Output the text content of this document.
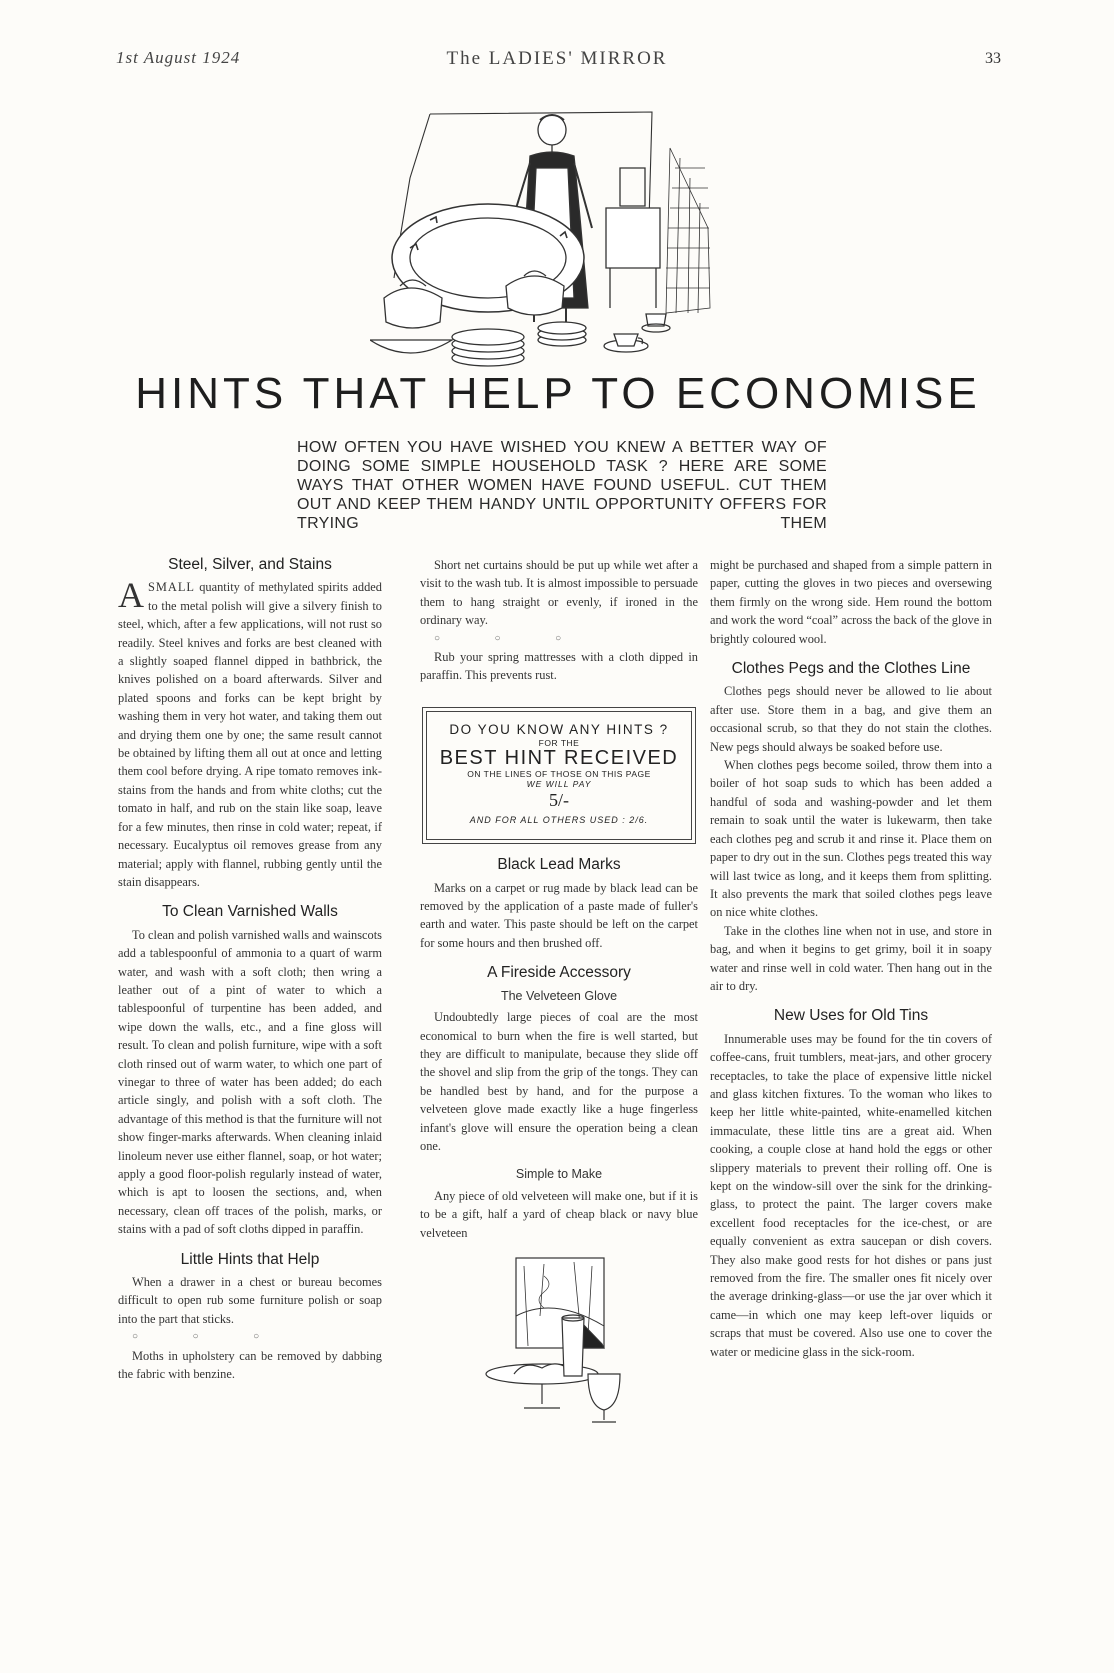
1st August 1924	The LADIES' MIRROR	33
HINTS THAT HELP TO ECONOMISE

HOW OFTEN YOU HAVE WISHED YOU KNEW A BETTER WAY OF DOING SOME SIMPLE HOUSEHOLD TASK ? HERE ARE SOME WAYS THAT OTHER WOMEN HAVE FOUND USEFUL. CUT THEM OUT AND KEEP THEM HANDY UNTIL OPPORTUNITY OFFERS FOR TRYING THEM

Steel, Silver, and Stains

ASMALL quantity of methylated spirits added to the metal polish will give a silvery finish to steel, which, after a few applications, will not rust so readily. Steel knives and forks are best cleaned with a slightly soaped flannel dipped in bathbrick, the knives polished on a board afterwards. Silver and plated spoons and forks can be kept bright by washing them in very hot water, and taking them out and drying them one by one; the same result cannot be obtained by lifting them all out at once and letting them cool before drying. A ripe tomato removes ink-stains from the hands and from white cloths; cut the tomato in half, and rub on the stain like soap, leave for a few minutes, then rinse in cold water; repeat, if necessary. Eucalyptus oil removes grease from any material; apply with flannel, rubbing gently until the stain disappears.

To Clean Varnished Walls

To clean and polish varnished walls and wainscots add a tablespoonful of ammonia to a quart of warm water, and wash with a soft cloth; then wring a leather out of a pint of water to which a tablespoonful of turpentine has been added, and wipe down the walls, etc., and a fine gloss will result. To clean and polish furniture, wipe with a soft cloth rinsed out of warm water, to which one part of vinegar to three of water has been added; do each article singly, and polish with a soft cloth. The advantage of this method is that the furniture will not show finger-marks afterwards. When cleaning inlaid linoleum never use either flannel, soap, or hot water; apply a good floor-polish regularly instead of water, which is apt to loosen the sections, and, when necessary, clean off traces of the polish, marks, or stains with a pad of soft cloths dipped in paraffin.

Little Hints that Help

When a drawer in a chest or bureau becomes difficult to open rub some furniture polish or soap into the part that sticks.

○ ○ ○

Moths in upholstery can be removed by dabbing the fabric with benzine.

Short net curtains should be put up while wet after a visit to the wash tub. It is almost impossible to persuade them to hang straight or evenly, if ironed in the ordinary way.

○ ○ ○

Rub your spring mattresses with a cloth dipped in paraffin. This prevents rust.

DO YOU KNOW ANY HINTS ?
FOR THE
BEST HINT RECEIVED
ON THE LINES OF THOSE ON THIS PAGE
WE WILL PAY
5/-
AND FOR ALL OTHERS USED : 2/6.
Black Lead Marks

Marks on a carpet or rug made by black lead can be removed by the application of a paste made of fuller's earth and water. This paste should be left on the carpet for some hours and then brushed off.

A Fireside Accessory
The Velveteen Glove

Undoubtedly large pieces of coal are the most economical to burn when the fire is well started, but they are difficult to manipulate, because they slide off the shovel and slip from the grip of the tongs. They can be handled best by hand, and for the purpose a velveteen glove made exactly like a huge fingerless infant's glove will ensure the operation being a clean one.

Simple to Make

Any piece of old velveteen will make one, but if it is to be a gift, half a yard of cheap black or navy blue velveteen

might be purchased and shaped from a simple pattern in paper, cutting the gloves in two pieces and oversewing them firmly on the wrong side. Hem round the bottom and work the word “coal” across the back of the glove in brightly coloured wool.

Clothes Pegs and the Clothes Line

Clothes pegs should never be allowed to lie about after use. Store them in a bag, and give them an occasional scrub, so that they do not stain the clothes. New pegs should always be soaked before use.

When clothes pegs become soiled, throw them into a boiler of hot soap suds to which has been added a handful of soda and washing-powder and let them remain to soak until the water is lukewarm, then take each clothes peg and scrub it and rinse it. Place them on paper to dry out in the sun. Clothes pegs treated this way will last twice as long, and it keeps them from splitting. It also prevents the mark that soiled clothes pegs leave on nice white clothes.

Take in the clothes line when not in use, and store in bag, and when it begins to get grimy, boil it in soapy water and rinse well in cold water. Then hang out in the air to dry.

New Uses for Old Tins

Innumerable uses may be found for the tin covers of coffee-cans, fruit tumblers, meat-jars, and other grocery receptacles, to take the place of expensive little nickel and glass kitchen fixtures. To the woman who likes to keep her little white-painted, white-enamelled kitchen immaculate, these little tins are a great aid. When cooking, a couple close at hand hold the eggs or other slippery materials to prevent their rolling off. One is kept on the window-sill over the sink for the drinking-glass, to protect the paint. The larger covers make excellent food receptacles for the ice-chest, or are equally convenient as extra saucepan or dish covers. They also make good rests for hot dishes or pans just removed from the fire. The smaller ones fit nicely over the average drinking-glass—or use the jar over which it came—in which one may keep left-over liquids or scraps that must be covered. Also use one to cover the water or medicine glass in the sick-room.
